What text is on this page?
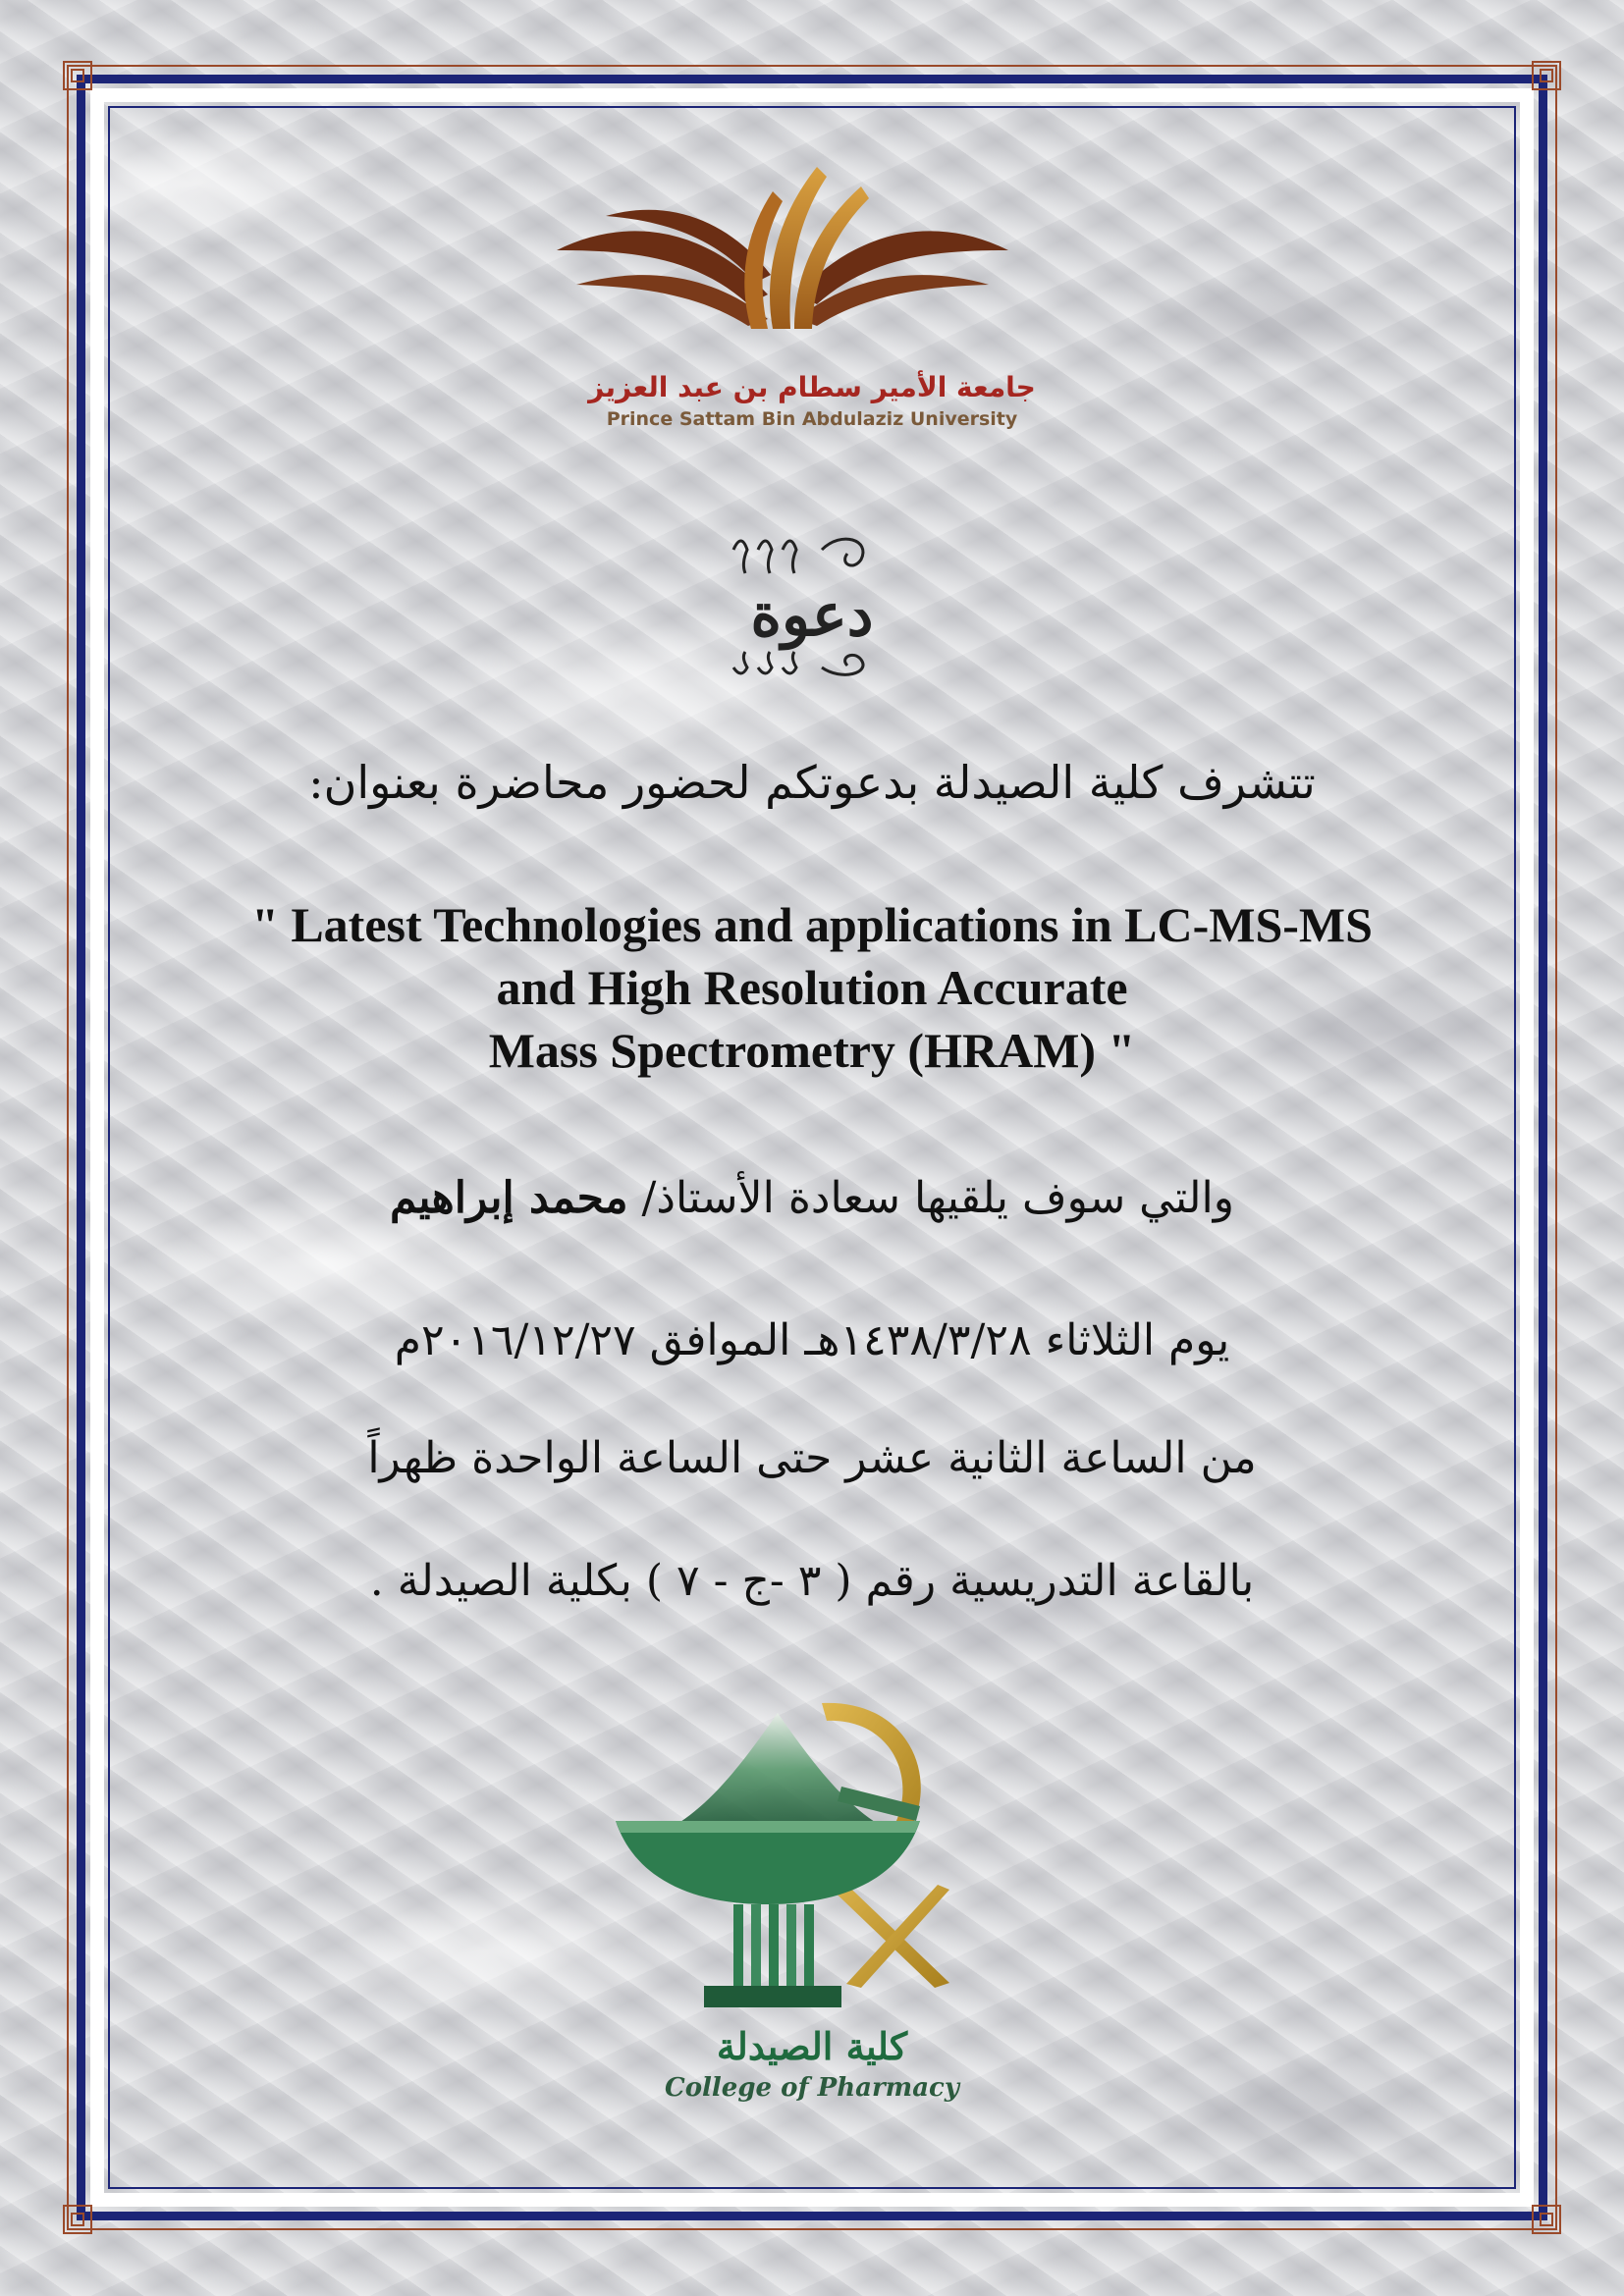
جامعة الأمير سطام بن عبد العزيز
Prince Sattam Bin Abdulaziz University
دعوة
تتشرف كلية الصيدلة بدعوتكم لحضور محاضرة بعنوان:
" Latest Technologies and applications in LC-MS-MS
and High Resolution Accurate
Mass Spectrometry (HRAM) "
والتي سوف يلقيها سعادة الأستاذ/ محمد إبراهيم
يوم الثلاثاء ١٤٣٨/٣/٢٨هـ الموافق ٢٠١٦/١٢/٢٧م
من الساعة الثانية عشر حتى الساعة الواحدة ظهراً
بالقاعة التدريسية رقم ( ٣ -ج - ٧ ) بكلية الصيدلة .
كلية الصيدلة
College of Pharmacy
